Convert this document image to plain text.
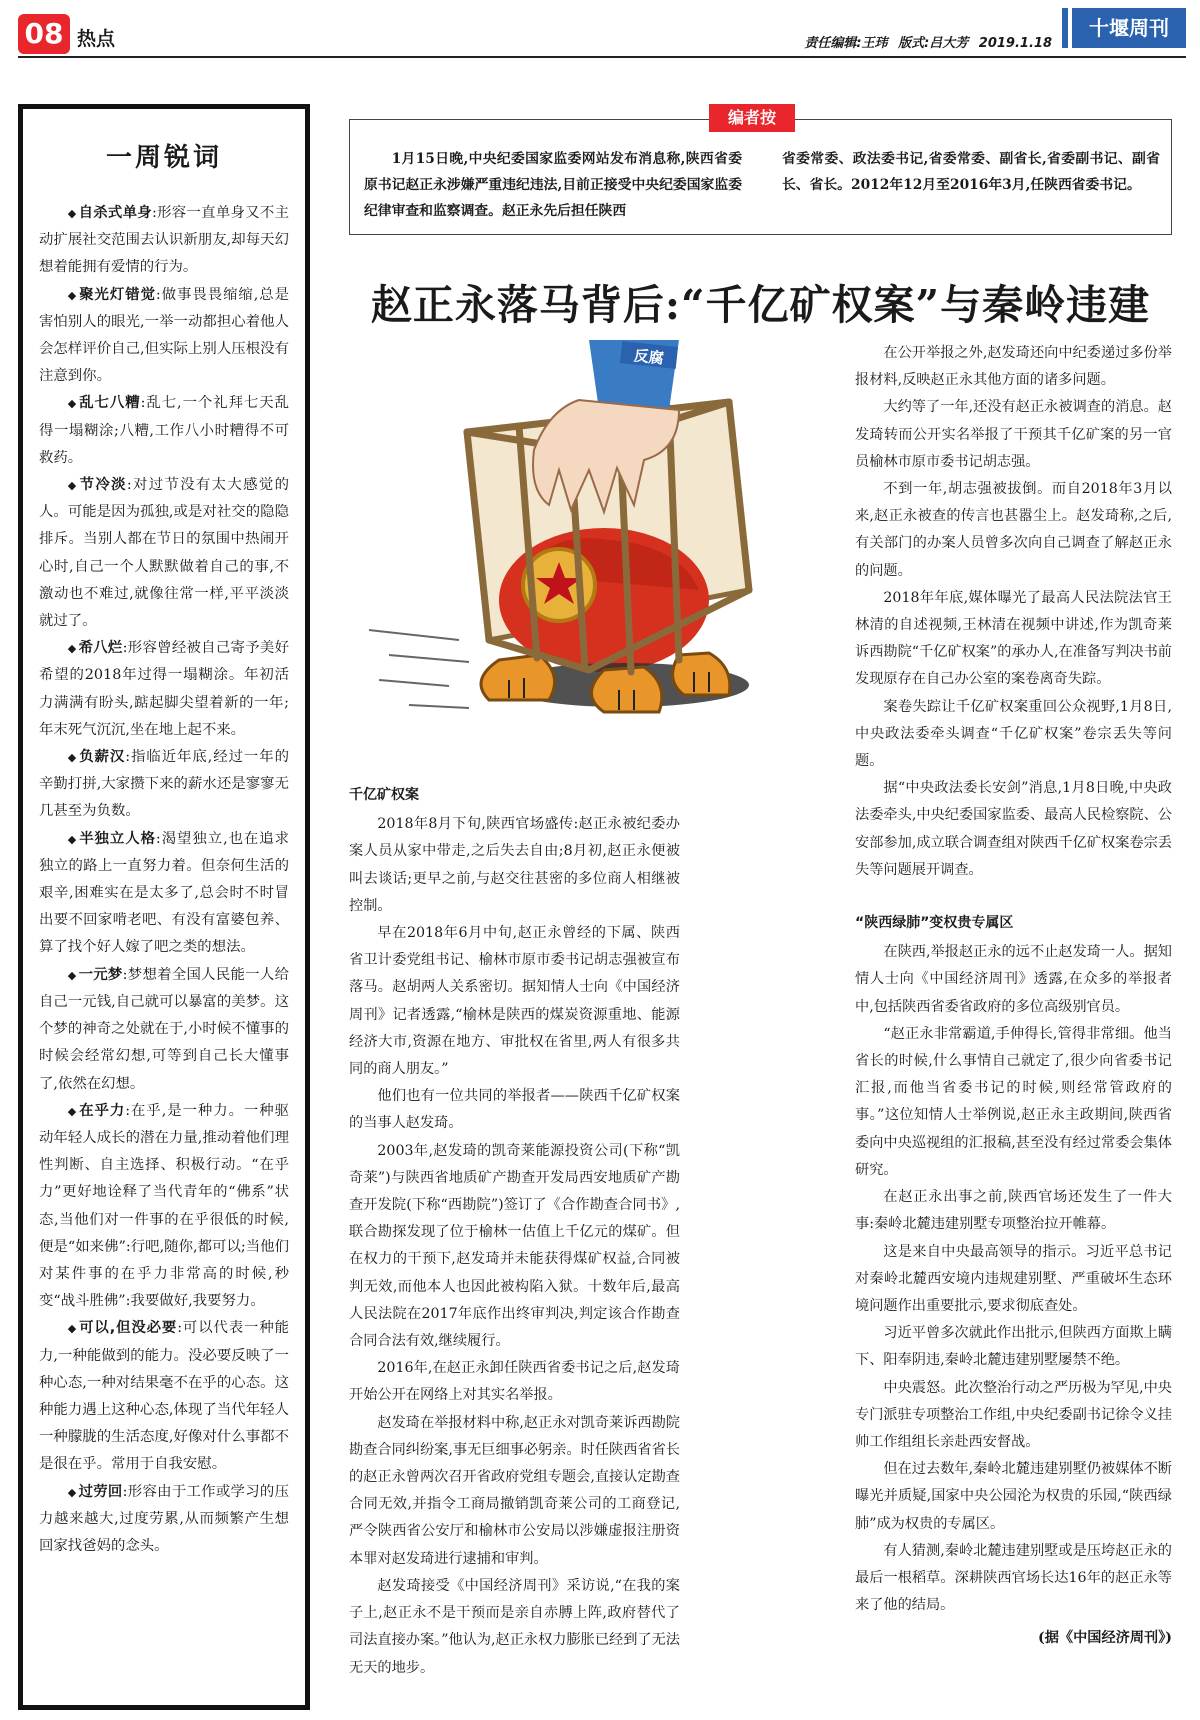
08 热点	责任编辑:王玮 版式:吕大芳 2019.1.18
十堰周刊
一周锐词

◆ 自杀式单身:形容一直单身又不主动扩展社交范围去认识新朋友,却每天幻想着能拥有爱情的行为。

◆ 聚光灯错觉:做事畏畏缩缩,总是害怕别人的眼光,一举一动都担心着他人会怎样评价自己,但实际上别人压根没有注意到你。

◆ 乱七八糟:乱七,一个礼拜七天乱得一塌糊涂;八糟,工作八小时糟得不可救药。

◆ 节冷淡:对过节没有太大感觉的人。可能是因为孤独,或是对社交的隐隐排斥。当别人都在节日的氛围中热闹开心时,自己一个人默默做着自己的事,不激动也不难过,就像往常一样,平平淡淡就过了。

◆ 希八烂:形容曾经被自己寄予美好希望的2018年过得一塌糊涂。年初活力满满有盼头,踮起脚尖望着新的一年;年末死气沉沉,坐在地上起不来。

◆ 负薪汉:指临近年底,经过一年的辛勤打拼,大家攒下来的薪水还是寥寥无几甚至为负数。

◆ 半独立人格:渴望独立,也在追求独立的路上一直努力着。但奈何生活的艰辛,困难实在是太多了,总会时不时冒出要不回家啃老吧、有没有富婆包养、算了找个好人嫁了吧之类的想法。

◆ 一元梦:梦想着全国人民能一人给自己一元钱,自己就可以暴富的美梦。这个梦的神奇之处就在于,小时候不懂事的时候会经常幻想,可等到自己长大懂事了,依然在幻想。

◆ 在乎力:在乎,是一种力。一种驱动年轻人成长的潜在力量,推动着他们理性判断、自主选择、积极行动。“在乎力”更好地诠释了当代青年的“佛系”状态,当他们对一件事的在乎很低的时候,便是“如来佛”:行吧,随你,都可以;当他们对某件事的在乎力非常高的时候,秒变“战斗胜佛”:我要做好,我要努力。

◆ 可以,但没必要:可以代表一种能力,一种能做到的能力。没必要反映了一种心态,一种对结果毫不在乎的心态。这种能力遇上这种心态,体现了当代年轻人一种朦胧的生活态度,好像对什么事都不是很在乎。常用于自我安慰。

◆ 过劳回:形容由于工作或学习的压力越来越大,过度劳累,从而频繁产生想回家找爸妈的念头。

编者按
1月15日晚,中央纪委国家监委网站发布消息称,陕西省委原书记赵正永涉嫌严重违纪违法,目前正接受中央纪委国家监委纪律审查和监察调查。赵正永先后担任陕西
省委常委、政法委书记,省委常委、副省长,省委副书记、副省长、省长。2012年12月至2016年3月,任陕西省委书记。
赵正永落马背后:“千亿矿权案”与秦岭违建
反腐
千亿矿权案

2018年8月下旬,陕西官场盛传:赵正永被纪委办案人员从家中带走,之后失去自由;8月初,赵正永便被叫去谈话;更早之前,与赵交往甚密的多位商人相继被控制。

早在2018年6月中旬,赵正永曾经的下属、陕西省卫计委党组书记、榆林市原市委书记胡志强被宣布落马。赵胡两人关系密切。据知情人士向《中国经济周刊》记者透露,“榆林是陕西的煤炭资源重地、能源经济大市,资源在地方、审批权在省里,两人有很多共同的商人朋友。”

他们也有一位共同的举报者——陕西千亿矿权案的当事人赵发琦。

2003年,赵发琦的凯奇莱能源投资公司(下称“凯奇莱”)与陕西省地质矿产勘查开发局西安地质矿产勘查开发院(下称“西勘院”)签订了《合作勘查合同书》,联合勘探发现了位于榆林一估值上千亿元的煤矿。但在权力的干预下,赵发琦并未能获得煤矿权益,合同被判无效,而他本人也因此被构陷入狱。十数年后,最高人民法院在2017年底作出终审判决,判定该合作勘查合同合法有效,继续履行。

2016年,在赵正永卸任陕西省委书记之后,赵发琦开始公开在网络上对其实名举报。

赵发琦在举报材料中称,赵正永对凯奇莱诉西勘院勘查合同纠纷案,事无巨细事必躬亲。时任陕西省省长的赵正永曾两次召开省政府党组专题会,直接认定勘查合同无效,并指令工商局撤销凯奇莱公司的工商登记,严令陕西省公安厅和榆林市公安局以涉嫌虚报注册资本罪对赵发琦进行逮捕和审判。

赵发琦接受《中国经济周刊》采访说,“在我的案子上,赵正永不是干预而是亲自赤膊上阵,政府替代了司法直接办案。”他认为,赵正永权力膨胀已经到了无法无天的地步。

在公开举报之外,赵发琦还向中纪委递过多份举报材料,反映赵正永其他方面的诸多问题。

大约等了一年,还没有赵正永被调查的消息。赵发琦转而公开实名举报了干预其千亿矿案的另一官员榆林市原市委书记胡志强。

不到一年,胡志强被拔倒。而自2018年3月以来,赵正永被查的传言也甚嚣尘上。赵发琦称,之后,有关部门的办案人员曾多次向自己调查了解赵正永的问题。

2018年年底,媒体曝光了最高人民法院法官王林清的自述视频,王林清在视频中讲述,作为凯奇莱诉西勘院“千亿矿权案”的承办人,在准备写判决书前发现原存在自己办公室的案卷离奇失踪。

案卷失踪让千亿矿权案重回公众视野,1月8日,中央政法委牵头调查“千亿矿权案”卷宗丢失等问题。

据“中央政法委长安剑”消息,1月8日晚,中央政法委牵头,中央纪委国家监委、最高人民检察院、公安部参加,成立联合调查组对陕西千亿矿权案卷宗丢失等问题展开调查。

“陕西绿肺”变权贵专属区

在陕西,举报赵正永的远不止赵发琦一人。据知情人士向《中国经济周刊》透露,在众多的举报者中,包括陕西省委省政府的多位高级别官员。

“赵正永非常霸道,手伸得长,管得非常细。他当省长的时候,什么事情自己就定了,很少向省委书记汇报,而他当省委书记的时候,则经常管政府的事。”这位知情人士举例说,赵正永主政期间,陕西省委向中央巡视组的汇报稿,甚至没有经过常委会集体研究。

在赵正永出事之前,陕西官场还发生了一件大事:秦岭北麓违建别墅专项整治拉开帷幕。

这是来自中央最高领导的指示。习近平总书记对秦岭北麓西安境内违规建别墅、严重破坏生态环境问题作出重要批示,要求彻底查处。

习近平曾多次就此作出批示,但陕西方面欺上瞒下、阳奉阴违,秦岭北麓违建别墅屡禁不绝。

中央震怒。此次整治行动之严历极为罕见,中央专门派驻专项整治工作组,中央纪委副书记徐令义挂帅工作组组长亲赴西安督战。

但在过去数年,秦岭北麓违建别墅仍被媒体不断曝光并质疑,国家中央公园沦为权贵的乐园,“陕西绿肺”成为权贵的专属区。

有人猜测,秦岭北麓违建别墅或是压垮赵正永的最后一根稻草。深耕陕西官场长达16年的赵正永等来了他的结局。

(据《中国经济周刊》)
